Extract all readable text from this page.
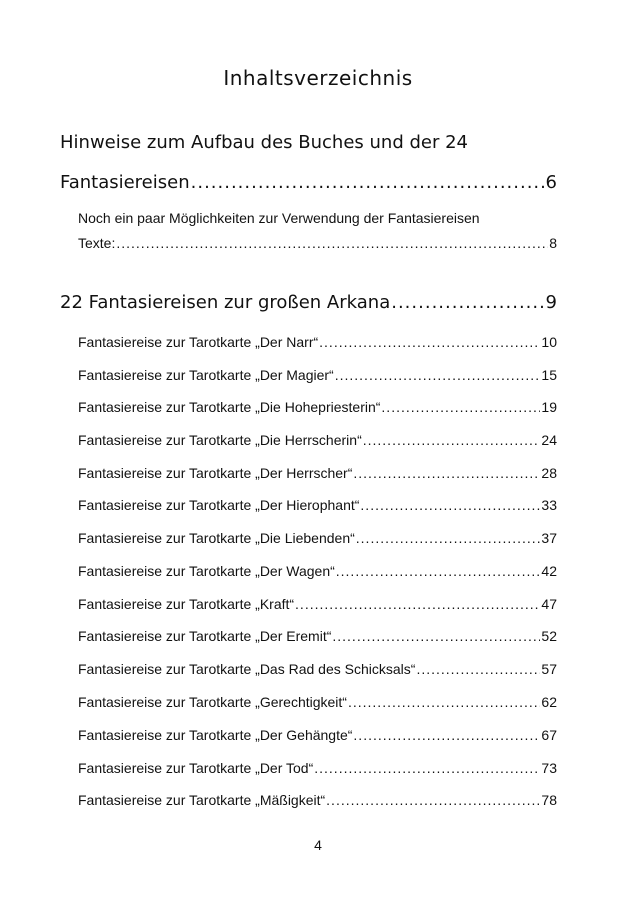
Inhaltsverzeichnis
Hinweise zum Aufbau des Buches und der 24
Fantasiereisen .....	6
Noch ein paar Möglichkeiten zur Verwendung der Fantasiereisen
Texte: .....	8
22 Fantasiereisen zur großen Arkana .....	9
Fantasiereise zur Tarotkarte „Der Narr“ .....	10
Fantasiereise zur Tarotkarte „Der Magier“ .....	15
Fantasiereise zur Tarotkarte „Die Hohepriesterin“ .....	19
Fantasiereise zur Tarotkarte „Die Herrscherin“ .....	24
Fantasiereise zur Tarotkarte „Der Herrscher“ .....	28
Fantasiereise zur Tarotkarte „Der Hierophant“ .....	33
Fantasiereise zur Tarotkarte „Die Liebenden“ .....	37
Fantasiereise zur Tarotkarte „Der Wagen“ .....	42
Fantasiereise zur Tarotkarte „Kraft“ .....	47
Fantasiereise zur Tarotkarte „Der Eremit“ .....	52
Fantasiereise zur Tarotkarte „Das Rad des Schicksals“ .....	57
Fantasiereise zur Tarotkarte „Gerechtigkeit“ .....	62
Fantasiereise zur Tarotkarte „Der Gehängte“ .....	67
Fantasiereise zur Tarotkarte „Der Tod“ .....	73
Fantasiereise zur Tarotkarte „Mäßigkeit“ .....	78
4
